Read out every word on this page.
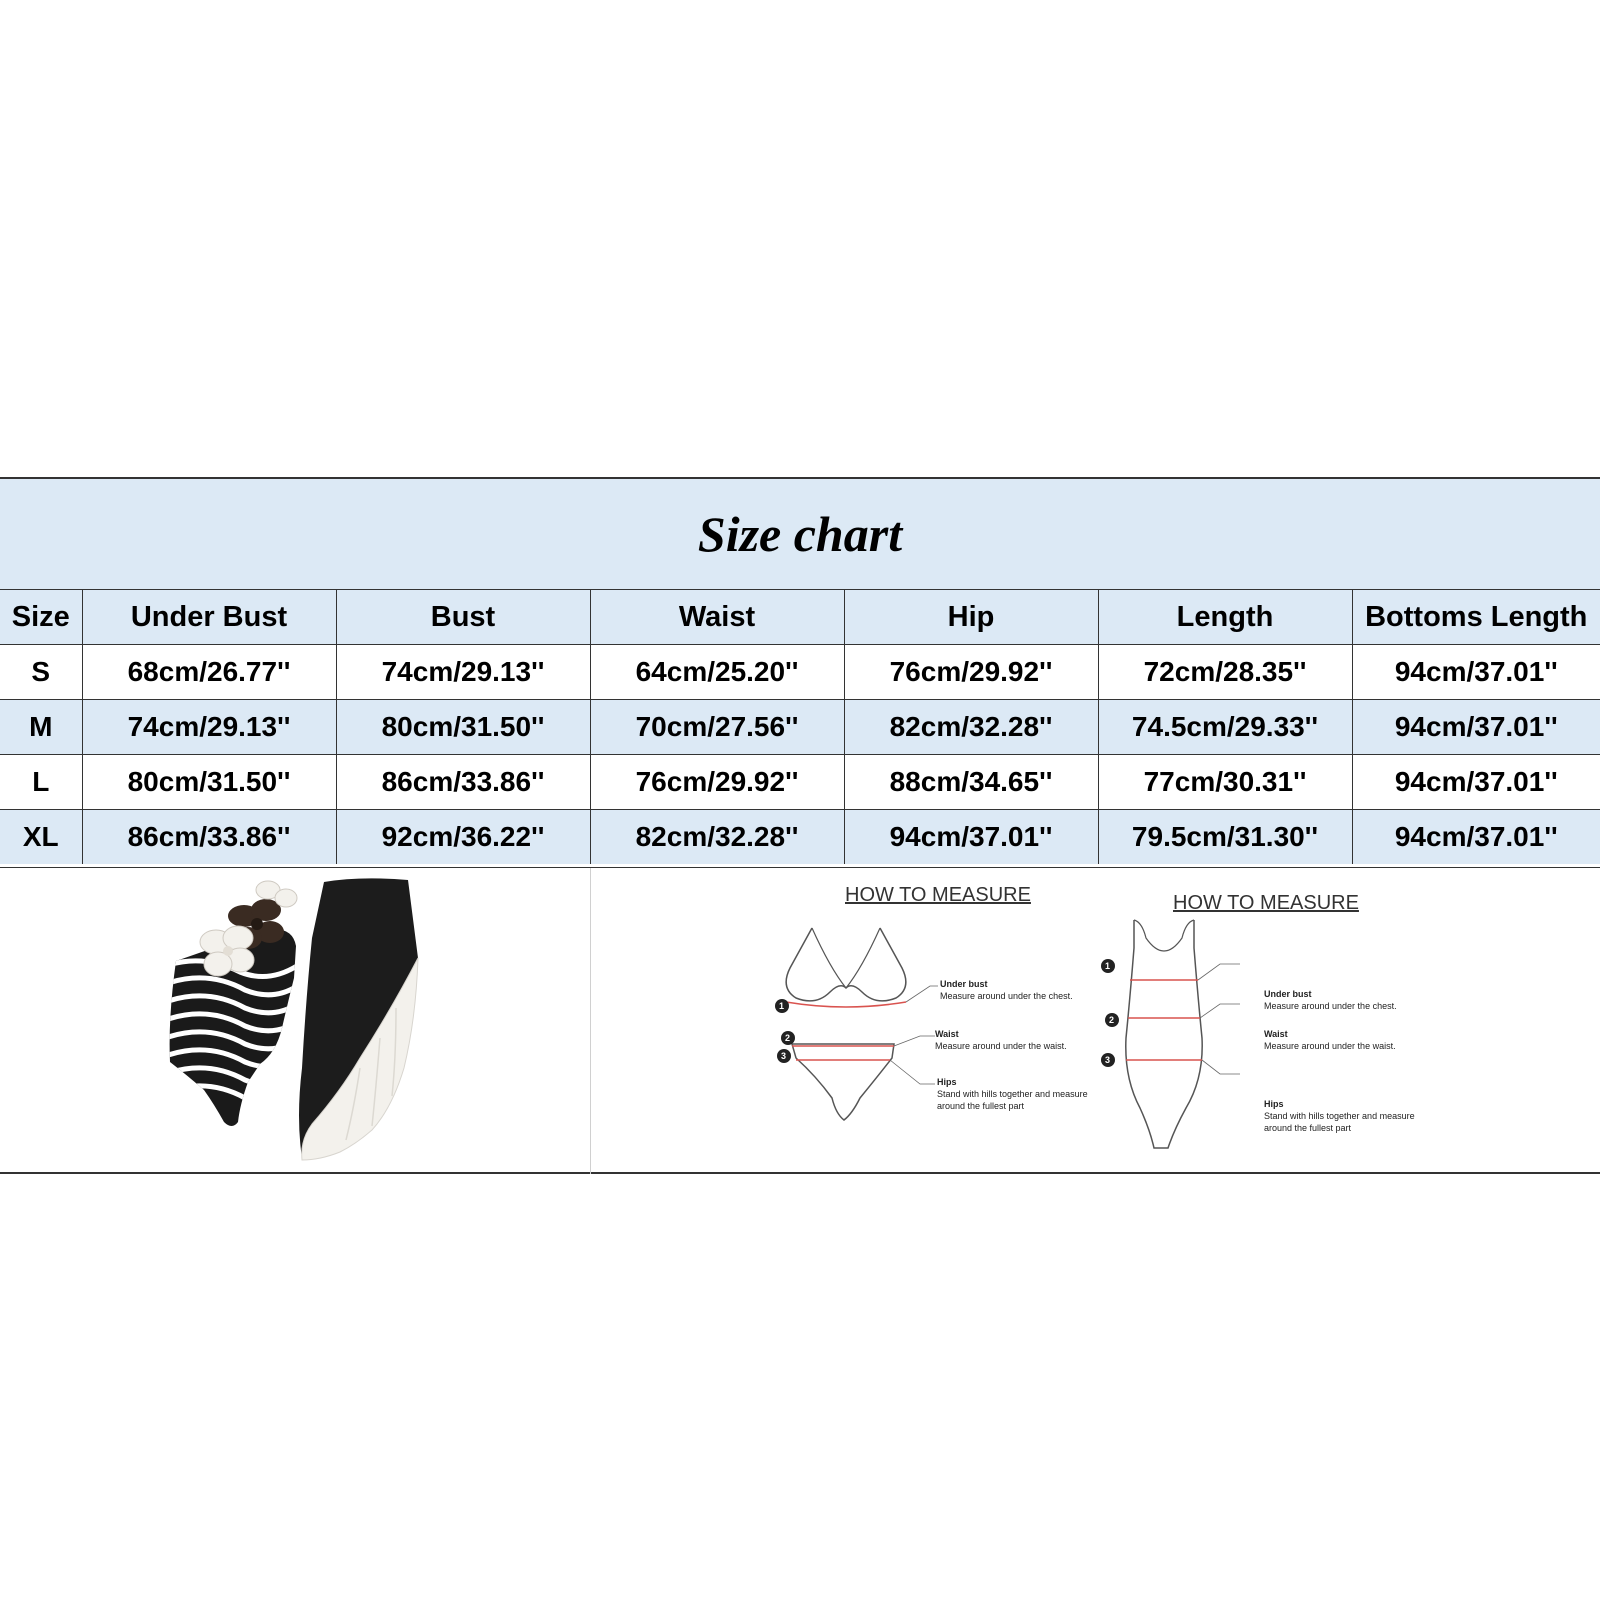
Size chart
Size	Under Bust	Bust	Waist	Hip	Length	Bottoms Length
S	68cm/26.77''	74cm/29.13''	64cm/25.20''	76cm/29.92''	72cm/28.35''	94cm/37.01''
M	74cm/29.13''	80cm/31.50''	70cm/27.56''	82cm/32.28''	74.5cm/29.33''	94cm/37.01''
L	80cm/31.50''	86cm/33.86''	76cm/29.92''	88cm/34.65''	77cm/30.31''	94cm/37.01''
XL	86cm/33.86''	92cm/36.22''	82cm/32.28''	94cm/37.01''	79.5cm/31.30''	94cm/37.01''
HOW TO MEASURE
1
2
3
Under bust
Measure around under the chest.
Waist
Measure around under the waist.
Hips
Stand with hills together and measure
around the fullest part
HOW TO MEASURE
1
2
3
Under bust
Measure around under the chest.
Waist
Measure around under the waist.
Hips
Stand with hills together and measure
around the fullest part
